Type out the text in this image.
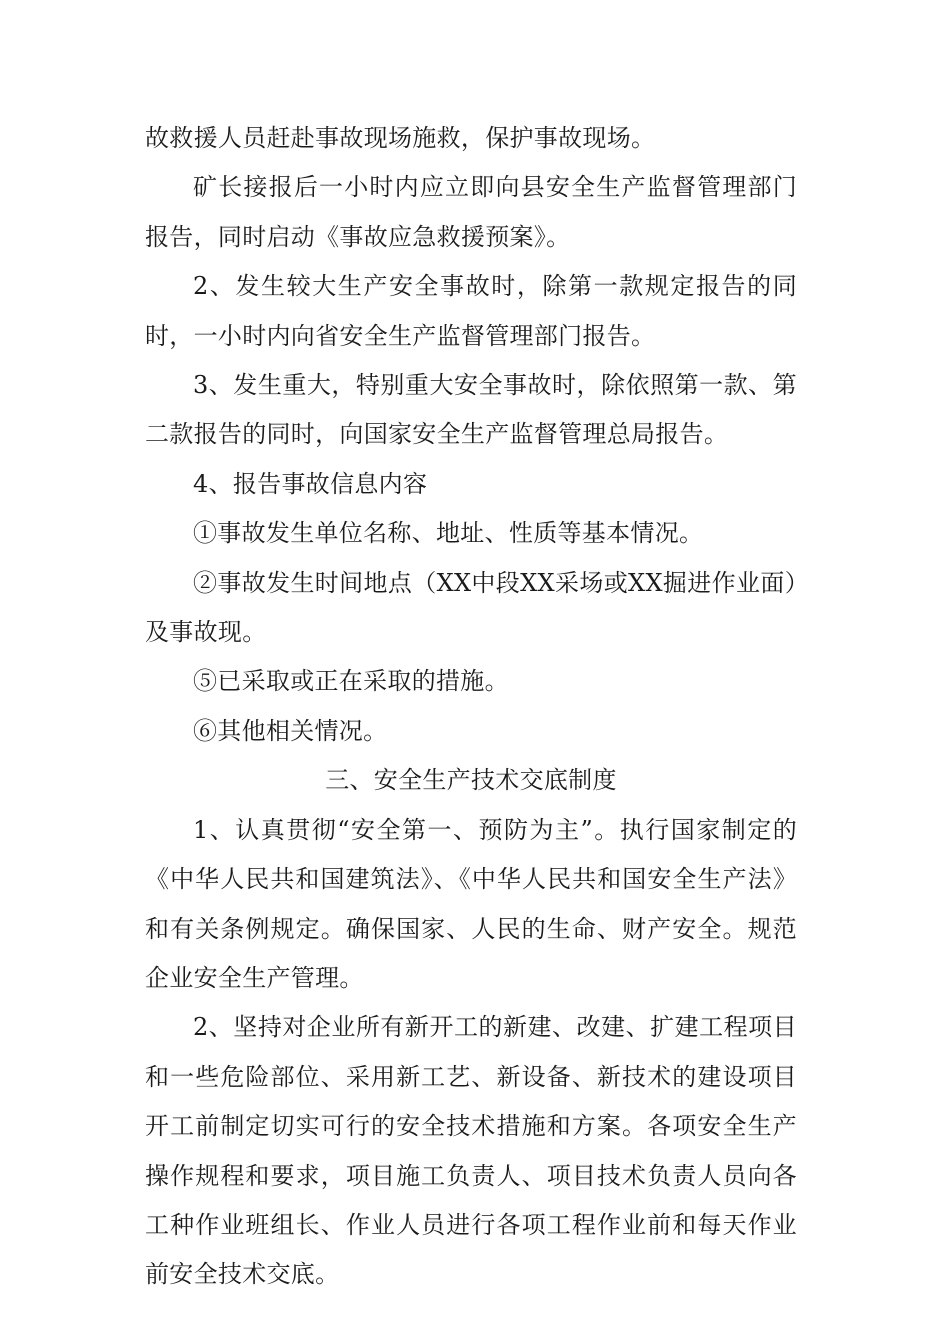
故救援人员赶赴事故现场施救，保护事故现场。

矿长接报后一小时内应立即向县安全生产监督管理部门报告，同时启动《事故应急救援预案》。

2、发生较大生产安全事故时，除第一款规定报告的同时，一小时内向省安全生产监督管理部门报告。

3、发生重大，特别重大安全事故时，除依照第一款、第二款报告的同时，向国家安全生产监督管理总局报告。

4、报告事故信息内容

①事故发生单位名称、地址、性质等基本情况。

②事故发生时间地点（XX中段XX采场或XX掘进作业面）及事故现。

⑤已采取或正在采取的措施。

⑥其他相关情况。

三、安全生产技术交底制度

1、认真贯彻“安全第一、预防为主”。执行国家制定的《中华人民共和国建筑法》、《中华人民共和国安全生产法》和有关条例规定。确保国家、人民的生命、财产安全。规范企业安全生产管理。

2、坚持对企业所有新开工的新建、改建、扩建工程项目和一些危险部位、采用新工艺、新设备、新技术的建设项目开工前制定切实可行的安全技术措施和方案。各项安全生产操作规程和要求，项目施工负责人、项目技术负责人员向各工种作业班组长、作业人员进行各项工程作业前和每天作业前安全技术交底。
